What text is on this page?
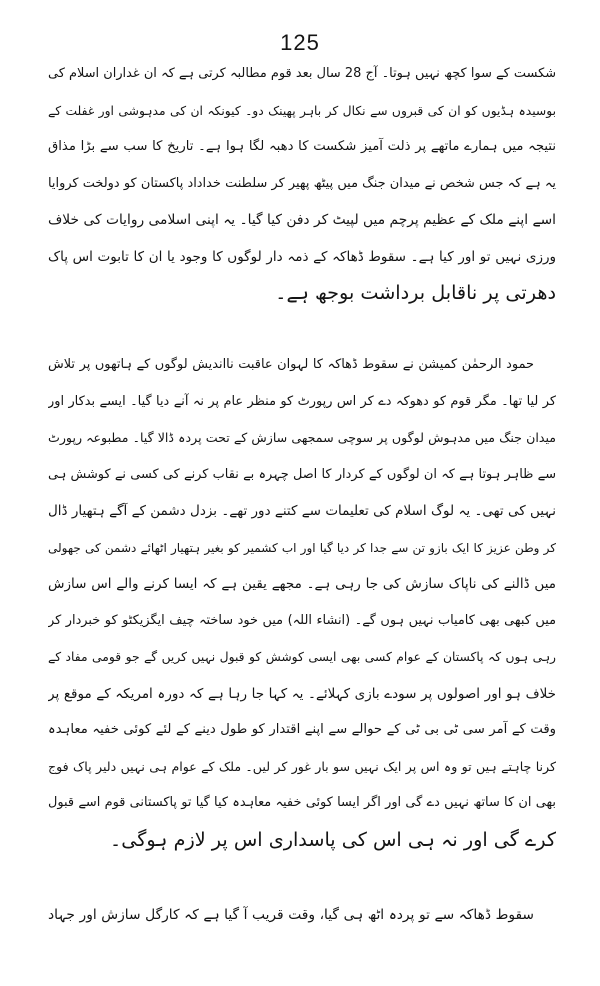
125
شکست کے سوا کچھ نہیں ہوتا۔ آج 28 سال بعد قوم مطالبہ کرتی ہے کہ ان غداران اسلام کی
بوسیدہ ہڈیوں کو ان کی قبروں سے نکال کر باہر پھینک دو۔ کیونکہ ان کی مدہوشی اور غفلت کے
نتیجہ میں ہمارے ماتھے پر ذلت آمیز شکست کا دھبہ لگا ہوا ہے۔ تاریخ کا سب سے بڑا مذاق
یہ ہے کہ جس شخص نے میدان جنگ میں پیٹھ پھیر کر سلطنت خداداد پاکستان کو دولخت کروایا
اسے اپنے ملک کے عظیم پرچم میں لپیٹ کر دفن کیا گیا۔ یہ اپنی اسلامی روایات کی خلاف
ورزی نہیں تو اور کیا ہے۔ سقوط ڈھاکہ کے ذمہ دار لوگوں کا وجود یا ان کا تابوت اس پاک
دھرتی پر ناقابل برداشت بوجھ ہے۔
حمود الرحمٰن کمیشن نے سقوط ڈھاکہ کا لہوان عاقبت نااندیش لوگوں کے ہاتھوں پر تلاش
کر لیا تھا۔ مگر قوم کو دھوکہ دے کر اس رپورٹ کو منظر عام پر نہ آنے دیا گیا۔ ایسے بدکار اور
میدان جنگ میں مدہوش لوگوں پر سوچی سمجھی سازش کے تحت پردہ ڈالا گیا۔ مطبوعہ رپورٹ
سے ظاہر ہوتا ہے کہ ان لوگوں کے کردار کا اصل چہرہ بے نقاب کرنے کی کسی نے کوشش ہی
نہیں کی تھی۔ یہ لوگ اسلام کی تعلیمات سے کتنے دور تھے۔ بزدل دشمن کے آگے ہتھیار ڈال
کر وطن عزیز کا ایک بازو تن سے جدا کر دیا گیا اور اب کشمیر کو بغیر ہتھیار اٹھائے دشمن کی جھولی
میں ڈالنے کی ناپاک سازش کی جا رہی ہے۔ مجھے یقین ہے کہ ایسا کرنے والے اس سازش
میں کبھی بھی کامیاب نہیں ہوں گے۔ (انشاء اللہ) میں خود ساختہ چیف ایگزیکٹو کو خبردار کر
رہی ہوں کہ پاکستان کے عوام کسی بھی ایسی کوشش کو قبول نہیں کریں گے جو قومی مفاد کے
خلاف ہو اور اصولوں پر سودے بازی کہلائے۔ یہ کہا جا رہا ہے کہ دورہ امریکہ کے موقع پر
وقت کے آمر سی ٹی بی ٹی کے حوالے سے اپنے اقتدار کو طول دینے کے لئے کوئی خفیہ معاہدہ
کرنا چاہتے ہیں تو وہ اس پر ایک نہیں سو بار غور کر لیں۔ ملک کے عوام ہی نہیں دلیر پاک فوج
بھی ان کا ساتھ نہیں دے گی اور اگر ایسا کوئی خفیہ معاہدہ کیا گیا تو پاکستانی قوم اسے قبول
کرے گی اور نہ ہی اس کی پاسداری اس پر لازم ہوگی۔
سقوط ڈھاکہ سے تو پردہ اٹھ ہی گیا، وقت قریب آ گیا ہے کہ کارگل سازش اور جہاد
